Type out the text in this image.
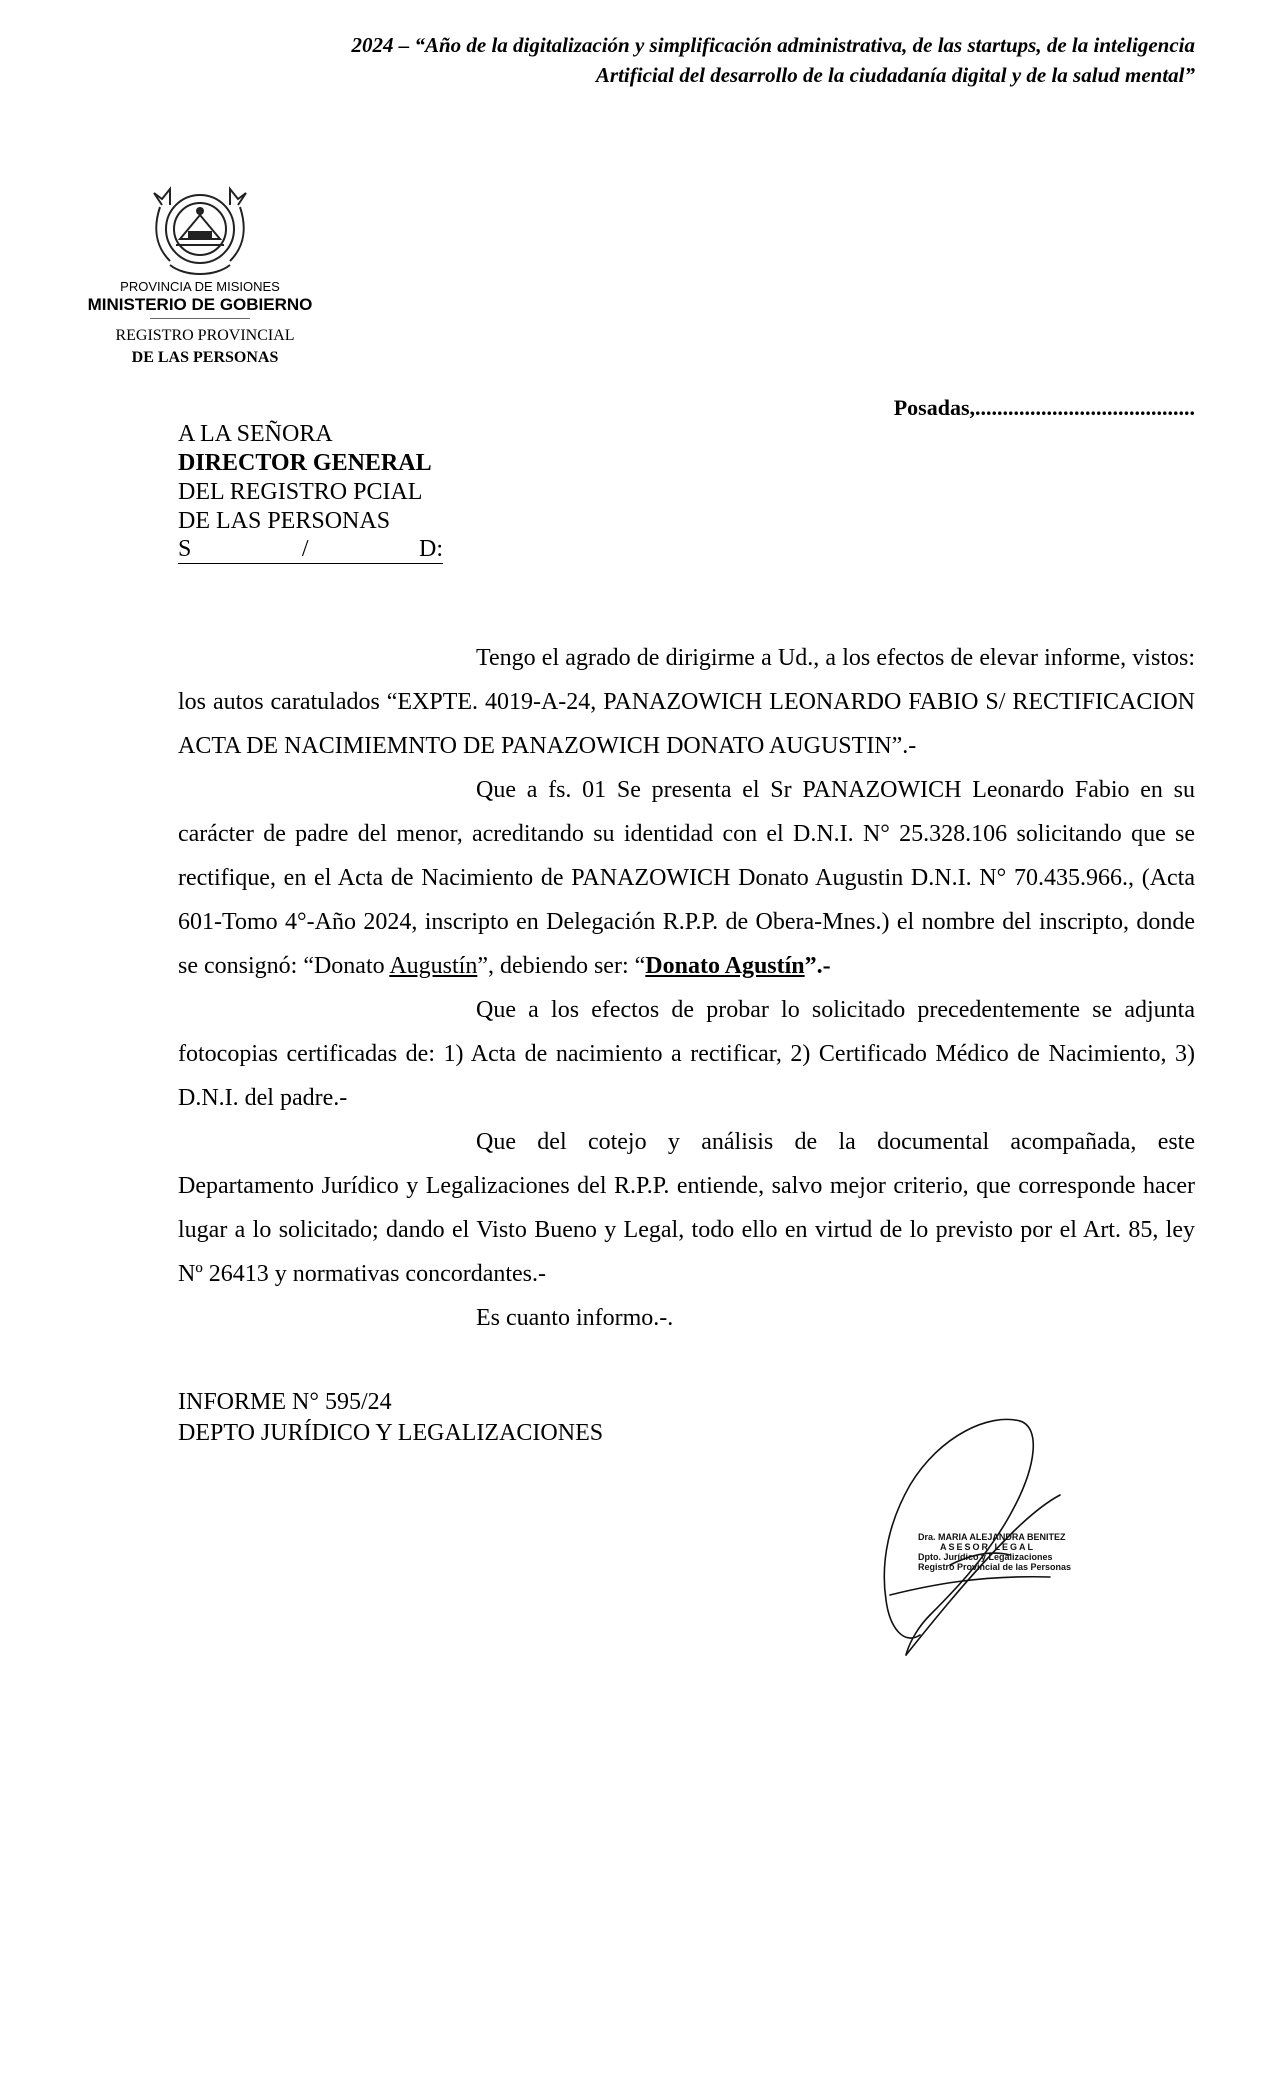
2024 – “Año de la digitalización y simplificación administrativa, de las startups, de la inteligencia
Artificial del desarrollo de la ciudadanía digital y de la salud mental”
PROVINCIA DE MISIONES
MINISTERIO DE GOBIERNO
REGISTRO PROVINCIAL
DE LAS PERSONAS
Posadas,........................................
A LA SEÑORA
DIRECTOR GENERAL
DEL REGISTRO PCIAL
DE LAS PERSONAS
S	/	D:

Tengo el agrado de dirigirme a Ud., a los efectos de elevar informe, vistos: los autos caratulados “EXPTE. 4019-A-24, PANAZOWICH LEONARDO FABIO S/ RECTIFICACION ACTA DE NACIMIEMNTO DE PANAZOWICH DONATO AUGUSTIN”.-

Que a fs. 01 Se presenta el Sr PANAZOWICH Leonardo Fabio en su carácter de padre del menor, acreditando su identidad con el D.N.I. N° 25.328.106 solicitando que se rectifique, en el Acta de Nacimiento de PANAZOWICH Donato Augustin D.N.I. N° 70.435.966., (Acta 601-Tomo 4°-Año 2024, inscripto en Delegación R.P.P. de Obera-Mnes.) el nombre del inscripto, donde se consignó: “Donato Augustín”, debiendo ser: “Donato Agustín”.-

Que a los efectos de probar lo solicitado precedentemente se adjunta fotocopias certificadas de: 1) Acta de nacimiento a rectificar, 2) Certificado Médico de Nacimiento, 3) D.N.I. del padre.-

Que del cotejo y análisis de la documental acompañada, este Departamento Jurídico y Legalizaciones del R.P.P. entiende, salvo mejor criterio, que corresponde hacer lugar a lo solicitado; dando el Visto Bueno y Legal, todo ello en virtud de lo previsto por el Art. 85, ley Nº 26413 y normativas concordantes.-

Es cuanto informo.-.

INFORME N° 595/24
DEPTO JURÍDICO Y LEGALIZACIONES
Dra. MARIA ALEJANDRA BENITEZ
ASESOR LEGAL
Dpto. Jurídico y Legalizaciones
Registro Provincial de las Personas
